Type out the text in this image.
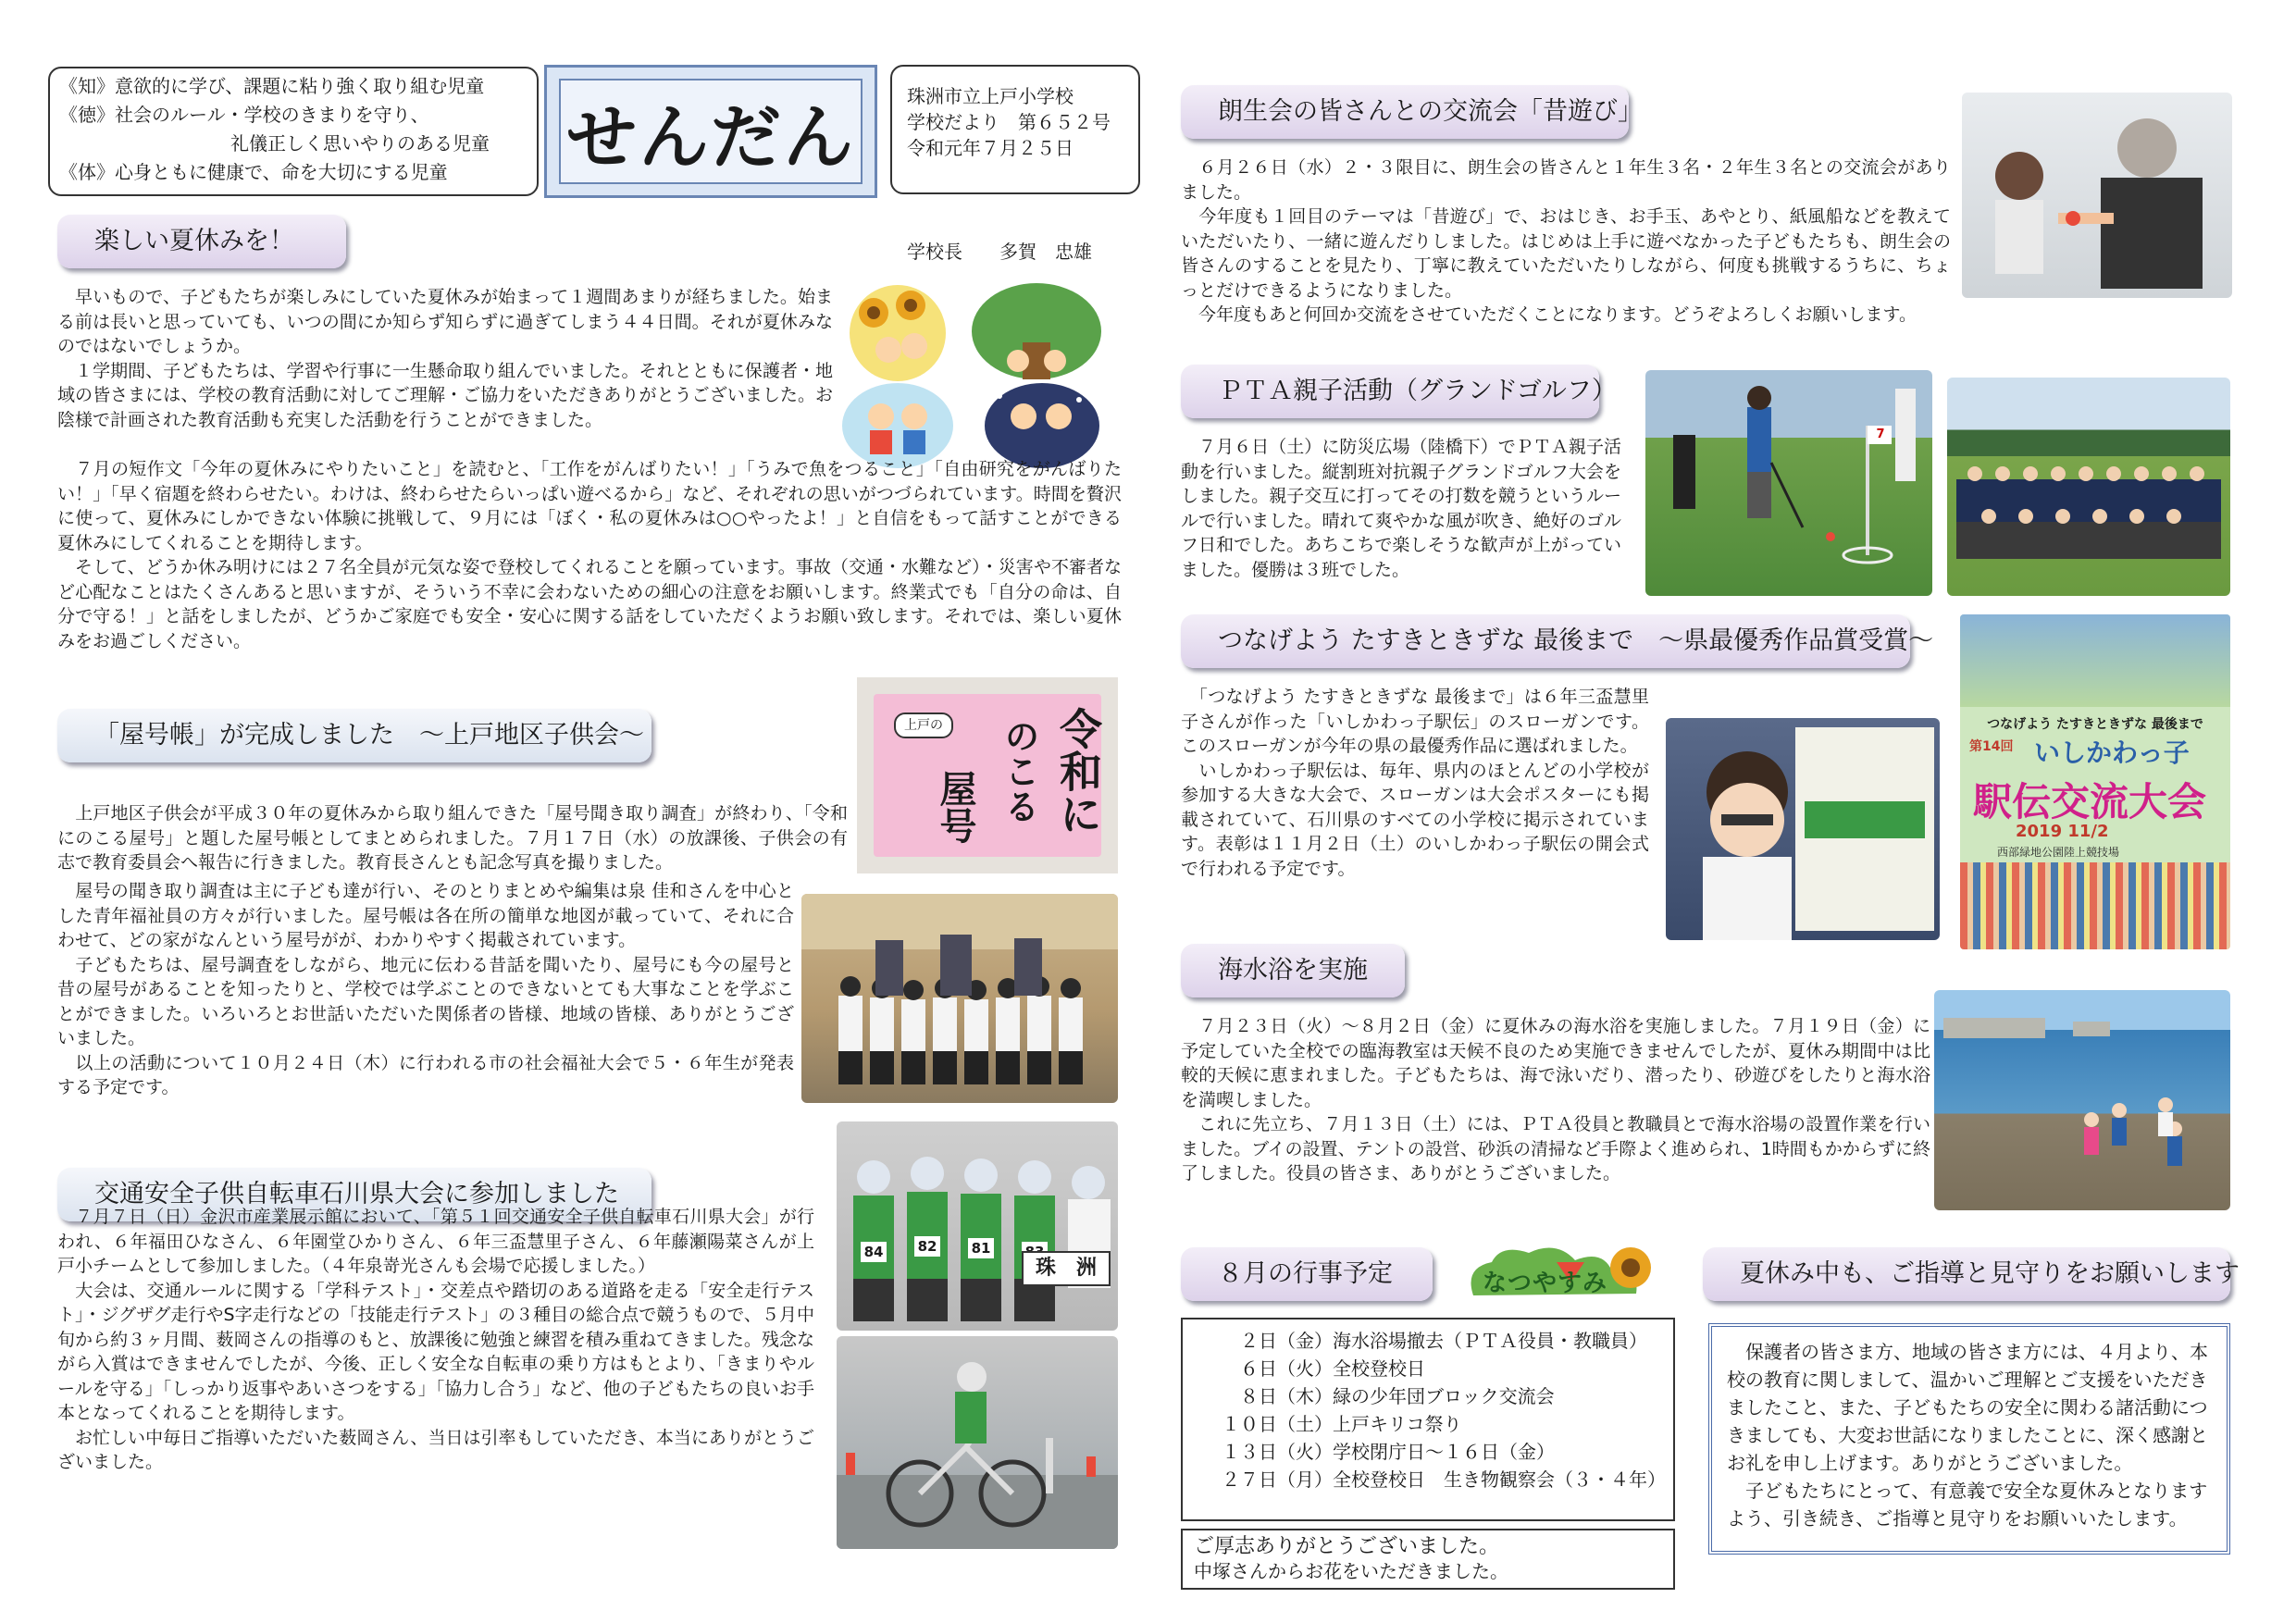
《知》意欲的に学び、課題に粘り強く取り組む児童

《徳》社会のルール・学校のきまりを守り、

礼儀正しく思いやりのある児童

《体》心身ともに健康で、命を大切にする児童	せんだん	珠洲市立上戸小学校

学校だより　第６５２号

令和元年７月２５日

楽しい夏休みを！	学校長　　多賀　忠雄

　早いもので、子どもたちが楽しみにしていた夏休みが始まって１週間あまりが経ちました。始まる前は長いと思っていても、いつの間にか知らず知らずに過ぎてしまう４４日間。それが夏休みなのではないでしょうか。

　１学期間、子どもたちは、学習や行事に一生懸命取り組んでいました。それとともに保護者・地域の皆さまには、学校の教育活動に対してご理解・ご協力をいただきありがとうございました。お陰様で計画された教育活動も充実した活動を行うことができました。

　７月の短作文「今年の夏休みにやりたいこと」を読むと、「工作をがんばりたい！」「うみで魚をつること」「自由研究をがんばりたい！」「早く宿題を終わらせたい。わけは、終わらせたらいっぱい遊べるから」など、それぞれの思いがつづられています。時間を贅沢に使って、夏休みにしかできない体験に挑戦して、９月には「ぼく・私の夏休みは○○やったよ！」と自信をもって話すことができる夏休みにしてくれることを期待します。

　そして、どうか休み明けには２７名全員が元気な姿で登校してくれることを願っています。事故（交通・水難など）・災害や不審者など心配なことはたくさんあると思いますが、そういう不幸に会わないための細心の注意をお願いします。終業式でも「自分の命は、自分で守る！」と話をしましたが、どうかご家庭でも安全・安心に関する話をしていただくようお願い致します。それでは、楽しい夏休みをお過ごしください。

「屋号帳」が完成しました　～上戸地区子供会～	上戸の	令和に
のこる
屋号

　上戸地区子供会が平成３０年の夏休みから取り組んできた「屋号聞き取り調査」が終わり、「令和にのこる屋号」と題した屋号帳としてまとめられました。７月１７日（水）の放課後、子供会の有志で教育委員会へ報告に行きました。教育長さんとも記念写真を撮りました。

　屋号の聞き取り調査は主に子ども達が行い、そのとりまとめや編集は泉 佳和さんを中心とした青年福祉員の方々が行いました。屋号帳は各在所の簡単な地図が載っていて、それに合わせて、どの家がなんという屋号がが、わかりやすく掲載されています。

　子どもたちは、屋号調査をしながら、地元に伝わる昔話を聞いたり、屋号にも今の屋号と昔の屋号があることを知ったりと、学校では学ぶことのできないとても大事なことを学ぶことができました。いろいろとお世話いただいた関係者の皆様、地域の皆様、ありがとうございました。

　以上の活動について１０月２４日（木）に行われる市の社会福祉大会で５・６年生が発表する予定です。

交通安全子供自転車石川県大会に参加しました
84 82 81
珠　洲

　７月７日（日）金沢市産業展示館において、「第５１回交通安全子供自転車石川県大会」が行われ、６年福田ひなさん、６年園堂ひかりさん、６年三盃慧里子さん、６年藤瀬陽菜さんが上戸小チームとして参加しました。（４年泉嵜光さんも会場で応援しました。）

　大会は、交通ルールに関する「学科テスト」・交差点や踏切のある道路を走る「安全走行テスト」・ジグザグ走行やS字走行などの「技能走行テスト」の３種目の総合点で競うもので、５月中旬から約３ヶ月間、薮岡さんの指導のもと、放課後に勉強と練習を積み重ねてきました。残念ながら入賞はできませんでしたが、今後、正しく安全な自転車の乗り方はもとより、「きまりやルールを守る」「しっかり返事やあいさつをする」「協力し合う」など、他の子どもたちの良いお手本となってくれることを期待します。

　お忙しい中毎日ご指導いただいた薮岡さん、当日は引率もしていただき、本当にありがとうございました。

朗生会の皆さんとの交流会「昔遊び」

　６月２６日（水）２・３限目に、朗生会の皆さんと１年生３名・２年生３名との交流会がありました。

　今年度も１回目のテーマは「昔遊び」で、おはじき、お手玉、あやとり、紙風船などを教えていただいたり、一緒に遊んだりしました。はじめは上手に遊べなかった子どもたちも、朗生会の皆さんのすることを見たり、丁寧に教えていただいたりしながら、何度も挑戦するうちに、ちょっとだけできるようになりました。

　今年度もあと何回か交流をさせていただくことになります。どうぞよろしくお願いします。

ＰＴＡ親子活動（グランドゴルフ）

　７月６日（土）に防災広場（陸橋下）でＰＴＡ親子活動を行いました。縦割班対抗親子グランドゴルフ大会をしました。親子交互に打ってその打数を競うというルールで行いました。晴れて爽やかな風が吹き、絶好のゴルフ日和でした。あちこちで楽しそうな歓声が上がっていました。優勝は３班でした。

7
つなげよう たすきときずな 最後まで　～県最優秀作品賞受賞～

　「つなげよう たすきときずな 最後まで」は６年三盃慧里子さんが作った「いしかわっ子駅伝」のスローガンです。このスローガンが今年の県の最優秀作品に選ばれました。

　いしかわっ子駅伝は、毎年、県内のほとんどの小学校が参加する大きな大会で、スローガンは大会ポスターにも掲載されていて、石川県のすべての小学校に掲示されています。表彰は１１月２日（土）のいしかわっ子駅伝の開会式で行われる予定です。

つなげよう たすきときずな 最後まで
第14回 いしかわっ子
駅伝交流大会
2019 11/2
西部緑地公園陸上競技場
海水浴を実施

　７月２３日（火）～８月２日（金）に夏休みの海水浴を実施しました。７月１９日（金）に予定していた全校での臨海教室は天候不良のため実施できませんでしたが、夏休み期間中は比較的天候に恵まれました。子どもたちは、海で泳いだり、潜ったり、砂遊びをしたりと海水浴を満喫しました。

　これに先立ち、７月１３日（土）には、ＰＴＡ役員と教職員とで海水浴場の設置作業を行いました。ブイの設置、テントの設営、砂浜の清掃など手際よく進められ、1時間もかからずに終了しました。役員の皆さま、ありがとうございました。

８月の行事予定	なつやすみ

　２日（金）海水浴場撤去（ＰＴＡ役員・教職員）

　６日（火）全校登校日

　８日（木）緑の少年団ブロック交流会

１０日（土）上戸キリコ祭り

１３日（火）学校閉庁日～１６日（金）

２７日（月）全校登校日　生き物観察会（３・４年）

ご厚志ありがとうございました。

中塚さんからお花をいただきました。

夏休み中も、ご指導と見守りをお願いします

　保護者の皆さま方、地域の皆さま方には、４月より、本校の教育に関しまして、温かいご理解とご支援をいただきましたこと、また、子どもたちの安全に関わる諸活動につきましても、大変お世話になりましたことに、深く感謝とお礼を申し上げます。ありがとうございました。

　子どもたちにとって、有意義で安全な夏休みとなりますよう、引き続き、ご指導と見守りをお願いいたします。
